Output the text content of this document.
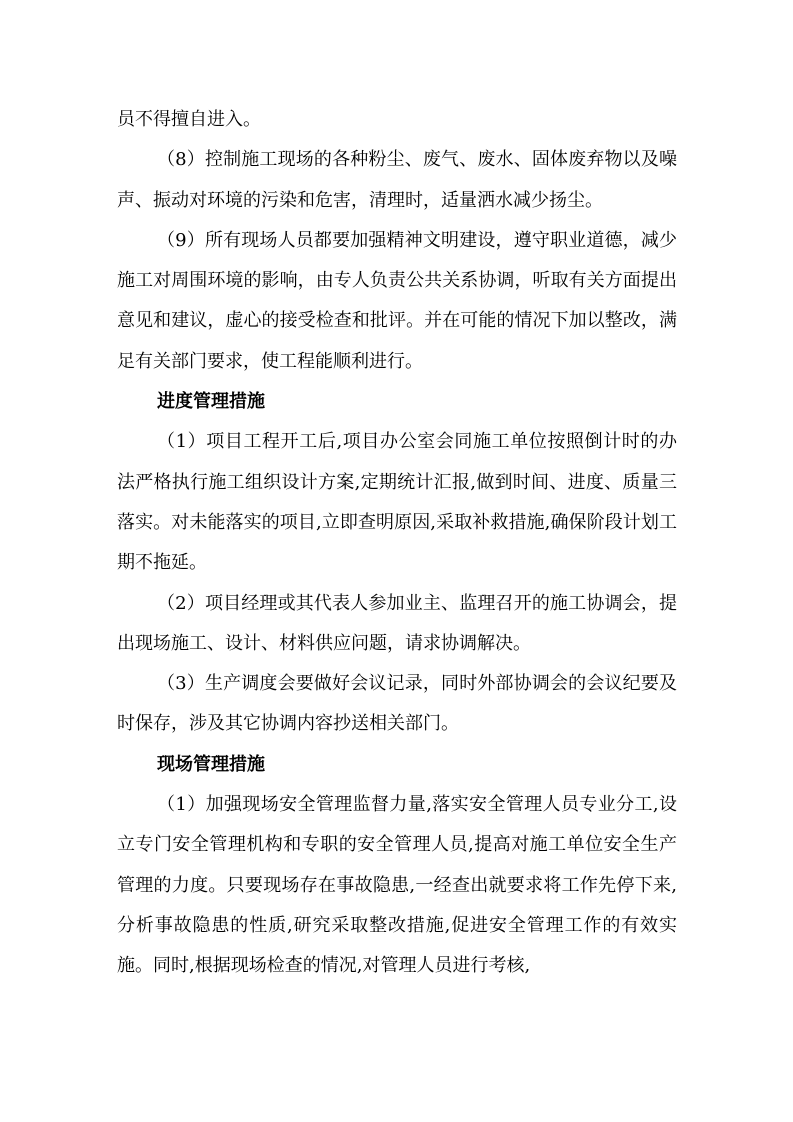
员不得擅自进入。

（8）控制施工现场的各种粉尘、废气、废水、固体废弃物以及噪声、振动对环境的污染和危害，清理时，适量洒水减少扬尘。

（9）所有现场人员都要加强精神文明建设，遵守职业道德，减少施工对周围环境的影响，由专人负责公共关系协调，听取有关方面提出意见和建议，虚心的接受检查和批评。并在可能的情况下加以整改，满足有关部门要求，使工程能顺利进行。

进度管理措施

（1）项目工程开工后,项目办公室会同施工单位按照倒计时的办法严格执行施工组织设计方案,定期统计汇报,做到时间、进度、质量三落实。对未能落实的项目,立即查明原因,采取补救措施,确保阶段计划工期不拖延。

（2）项目经理或其代表人参加业主、监理召开的施工协调会，提出现场施工、设计、材料供应问题，请求协调解决。

（3）生产调度会要做好会议记录，同时外部协调会的会议纪要及时保存，涉及其它协调内容抄送相关部门。

现场管理措施

（1）加强现场安全管理监督力量,落实安全管理人员专业分工,设立专门安全管理机构和专职的安全管理人员,提高对施工单位安全生产管理的力度。只要现场存在事故隐患,一经查出就要求将工作先停下来,分析事故隐患的性质,研究采取整改措施,促进安全管理工作的有效实施。同时,根据现场检查的情况,对管理人员进行考核,
